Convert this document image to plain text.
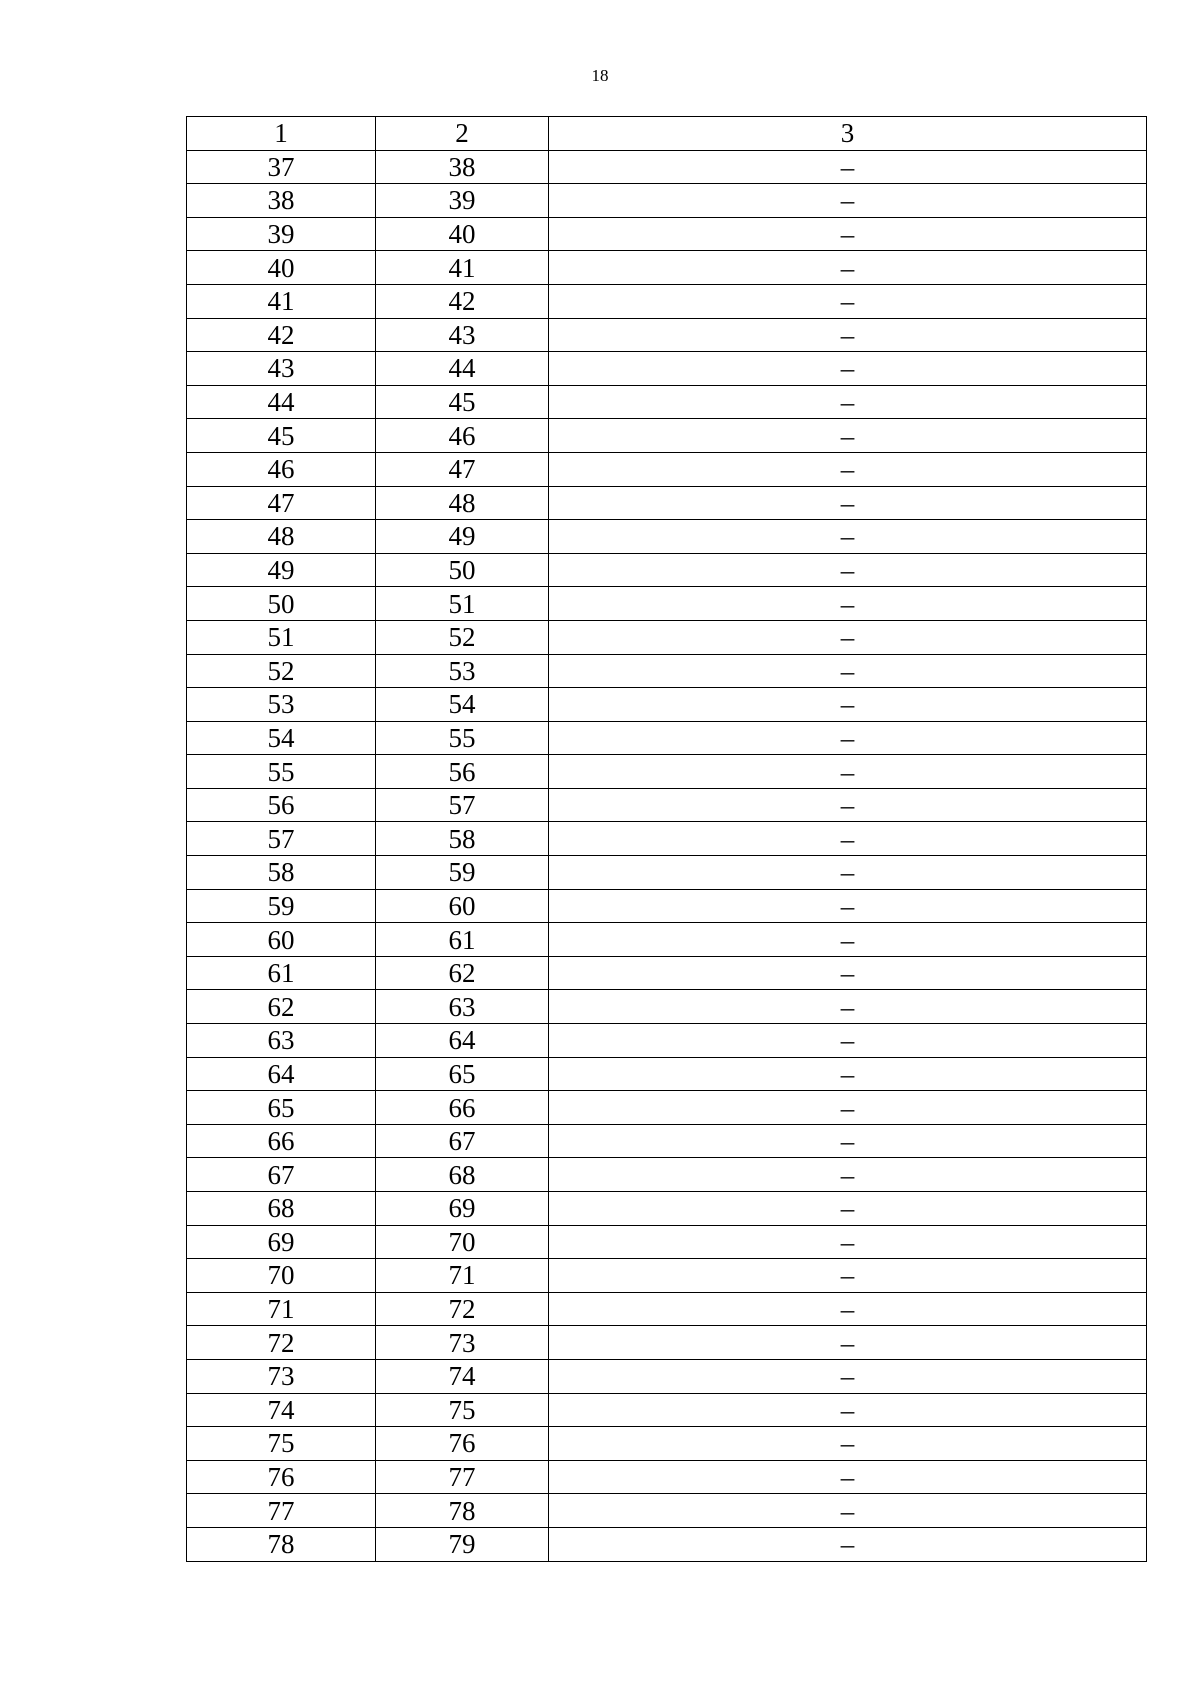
18
1	2	3
37	38	–
38	39	–
39	40	–
40	41	–
41	42	–
42	43	–
43	44	–
44	45	–
45	46	–
46	47	–
47	48	–
48	49	–
49	50	–
50	51	–
51	52	–
52	53	–
53	54	–
54	55	–
55	56	–
56	57	–
57	58	–
58	59	–
59	60	–
60	61	–
61	62	–
62	63	–
63	64	–
64	65	–
65	66	–
66	67	–
67	68	–
68	69	–
69	70	–
70	71	–
71	72	–
72	73	–
73	74	–
74	75	–
75	76	–
76	77	–
77	78	–
78	79	–
